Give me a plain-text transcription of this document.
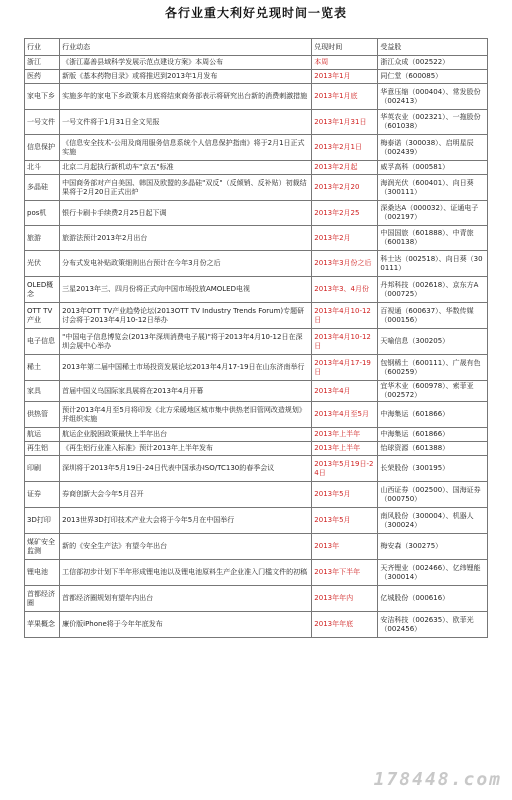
各行业重大利好兑现时间一览表
行业	行业动态	兑现时间	受益股
浙江	《浙江嘉善县域科学发展示范点建设方案》本周公布	本周	浙江众成（002522）
医药	新版《基本药物目录》或将推迟到2013年1月发布	2013年1月	同仁堂（600085）
家电下乡	实施多年的家电下乡政策本月底将结束商务部表示将研究出台新的消费刺激措施	2013年1月底	华意压缩（000404）、常发股份（002413）
一号文件	一号文件将于1月31日全文见报	2013年1月31日	华英农业（002321）、一拖股份（601038）
信息保护	《信息安全技术-公用及商用服务信息系统个人信息保护指南》将于2月1日正式实施	2013年2月1日	梅泰诺（300038）、启明星辰（002439）
北斗	北京二月起执行新机动车"京五"标准	2013年2月起	威孚高科（000581）
多晶硅	中国商务部对产自美国、韩国及欧盟的多晶硅"双反"（反倾销、反补贴）初裁结果将于2月20日正式出炉	2013年2月20	海润光伏（600401）、向日葵（300111）
pos机	银行卡刷卡手续费2月25日起下调	2013年2月25	深桑达A（000032）、证通电子（002197）
旅游	旅游法预计2013年2月出台	2013年2月	中国国旅（601888）、中青旅（600138）
光伏	分布式发电补贴政策细则出台预计在今年3月份之后	2013年3月份之后	科士达（002518）、向日葵（300111）
OLED概念	三星2013年三、四月份将正式向中国市场投放AMOLED电视	2013年3、4月份	丹邦科技（002618）、京东方A（000725）
OTT TV产业	2013年OTT TV产业趋势论坛(2013OTT TV Industry Trends Forum)专题研讨会将于2013年4月10-12日举办	2013年4月10-12日	百视通（600637）、华数传媒（000156）
电子信息	"中国电子信息博览会(2013年深圳消费电子展)"将于2013年4月10-12日在深圳会展中心举办	2013年4月10-12日	天喻信息（300205）
稀土	2013年第二届中国稀土市场投资发展论坛2013年4月17-19日在山东济南举行	2013年4月17-19日	包钢稀土（600111）、广晟有色（600259）
家具	首届中国义乌国际家具展将在2013年4月开幕	2013年4月	宜华木业（600978）、索菲亚（002572）
供热管	预计2013年4月至5月将印发《北方采暖地区城市集中供热老旧管网改造规划》并组织实施	2013年4月至5月	中海集运（601866）
航运	航运企业脱困政策最快上半年出台	2013年上半年	中海集运（601866）
再生铝	《再生铝行业准入标准》预计2013年上半年发布	2013年上半年	怡球资源（601388）
印刷	深圳将于2013年5月19日-24日代表中国承办ISO/TC130的春季会议	2013年5月19日-24日	长荣股份（300195）
证券	券商创新大会今年5月召开	2013年5月	山西证券（002500）、国海证券（000750）
3D打印	2013世界3D打印技术产业大会将于今年5月在中国举行	2013年5月	南风股份（300004）、机器人（300024）
煤矿安全监测	新的《安全生产法》有望今年出台	2013年	梅安森（300275）
锂电池	工信部初步计划下半年形成锂电池以及锂电池原料生产企业准入门槛文件的初稿	2013年下半年	天齐锂业（002466）、亿纬锂能（300014）
首都经济圈	首都经济圈规划有望年内出台	2013年年内	亿城股份（000616）
苹果概念	廉价版iPhone将于今年年底发布	2013年年底	安洁科技（002635）、欧菲光（002456）
178448.com
